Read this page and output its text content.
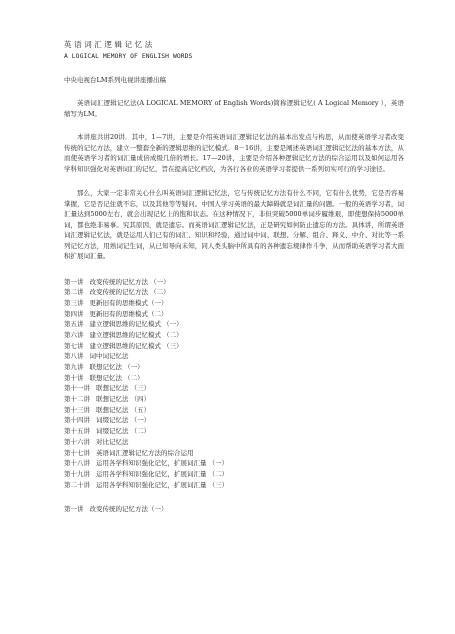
英语词汇逻辑记忆法
A LOGICAL MEMORY OF ENGLISH WORDS
中央电视台LM系列电视讲座播出稿
英语词汇逻辑记忆法(A LOGICAL MEMORY of English Words)简称逻辑记忆( A Logical Memory ），英语缩写为LM。
本讲座共讲20讲．其中，1—7讲，主要是介绍英语词汇逻辑记忆法的基本出发点与构思，从而使英语学习者改变传统的记忆方法，建立一整套全新的逻辑思维的记忆模式．8－16讲，主要是阐述英语词汇逻辑记忆法的基本方法，从而使英语学习者的词汇量成倍成级几倍的增长。17—20讲，主要是介绍各种逻辑记忆方法的综合运用以及如何运用各学科知识强化对英语词汇的记忆，旨在提高记忆档次，为各行各业的英语学习者提供一系列切实可行的学习途径。
那么，大家一定非常关心什么叫英语词汇逻辑记忆法，它与传统记忆方法有什么不同，它有什么优势，它是否容易掌握，它是否记住就不忘，以及其他等等疑问。中国人学习英语的最大障碍就是词汇量的问题。一般的英语学习者，词汇量达到5000左右，就会出现记忆上的饱和状态。在这种情况下，非但突破5000单词步履维艰，即使想保持5000单词，都也绝非易事。究其原因，就是遗忘。而英语词汇逻辑记忆法，正是研究如何防止遗忘的方法。具体讲，所谓英语词汇逻辑记忆法，就是运用人们已有的词汇、知识和经验，通过词中词、联想、分解、组合、释义、中介、对比等一系列记忆方法，用熟词记生词，从已知导向未知，同人类头脑中所具有的各种遗忘规律作斗争，从而帮助英语学习者大面积扩展词汇量。
第一讲 改变传统的记忆方法 （一）
第二讲 改变传统的记忆方法 （二）
第三讲 更新旧有的思维模式（一）
第四讲 更新旧有的思维模式（二）
第五讲 建立逻辑思维的记忆模式 （一）
第六讲 建立逻辑思维的记忆模式 （二）
第七讲 建立逻辑思维的记忆模式 （三）
第八讲 词中词记忆法
第九讲 联想记忆法 （一）
第十讲 联想记忆法 （二）
第十一讲 联想记忆法 （三）
第十二讲 联想记忆法 （四）
第十三讲 联想记忆法 （五）
第十四讲 词缀记忆法 （一）
第十五讲 词缀记忆法 （二）
第十六讲 对比记忆法
第十七讲 英语词汇逻辑记忆方法的综合运用
第十八讲 运用各学科知识强化记忆，扩展词汇量 （一）
第十九讲 运用各学科知识强化记忆，扩展词汇量 （二）
第二十讲 运用各学科知识强化记忆，扩展词汇量 （三）
第一讲 改变传统的记忆方法（一）
